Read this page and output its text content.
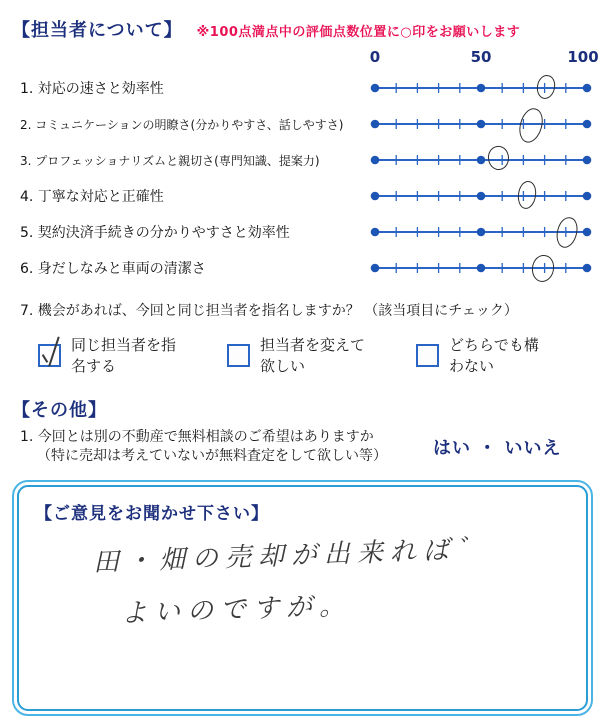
【担当者について】 ※100点満点中の評価点数位置に○印をお願いします
0	50	100
1. 対応の速さと効率性
2. コミュニケーションの明瞭さ(分かりやすさ、話しやすさ)
3. プロフェッショナリズムと親切さ(専門知識、提案力)
4. 丁寧な対応と正確性
5. 契約決済手続きの分かりやすさと効率性
6. 身だしなみと車両の清潔さ
7. 機会があれば、今回と同じ担当者を指名しますか？ （該当項目にチェック）
同じ担当者を指名する
担当者を変えて欲しい
どちらでも構わない
【その他】
1. 今回とは別の不動産で無料相談のご希望はありますか
（特に売却は考えていないが無料査定をして欲しい等）	はい ・ いいえ
【ご意見をお聞かせ下さい】
田・畑の売却が出来れば゛
よいのですが。
